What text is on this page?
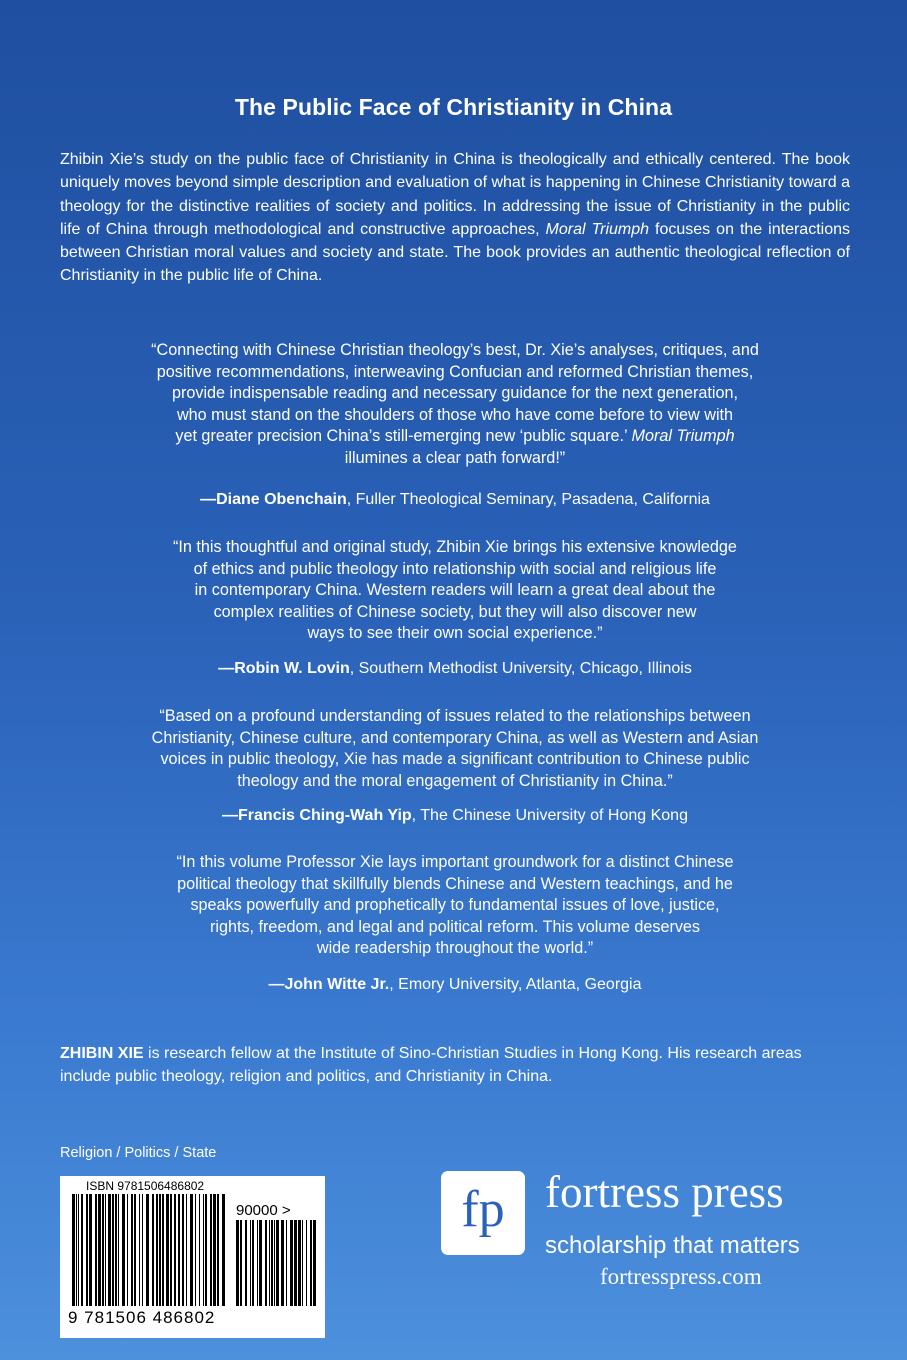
The Public Face of Christianity in China
Zhibin Xie’s study on the public face of Christianity in China is theologically and ethically centered. The book uniquely moves beyond simple description and evaluation of what is happening in Chinese Christianity toward a theology for the distinctive realities of society and politics. In addressing the issue of Christianity in the public life of China through methodological and constructive approaches, Moral Triumph focuses on the interactions between Christian moral values and society and state. The book provides an authentic theological reflection of Christianity in the public life of China.
“Connecting with Chinese Christian theology’s best, Dr. Xie’s analyses, critiques, and
positive recommendations, interweaving Confucian and reformed Christian themes,
provide indispensable reading and necessary guidance for the next generation,
who must stand on the shoulders of those who have come before to view with
yet greater precision China’s still-emerging new ‘public square.’ Moral Triumph
illumines a clear path forward!”
—Diane Obenchain, Fuller Theological Seminary, Pasadena, California
“In this thoughtful and original study, Zhibin Xie brings his extensive knowledge
of ethics and public theology into relationship with social and religious life
in contemporary China. Western readers will learn a great deal about the
complex realities of Chinese society, but they will also discover new
ways to see their own social experience.”
—Robin W. Lovin, Southern Methodist University, Chicago, Illinois
“Based on a profound understanding of issues related to the relationships between
Christianity, Chinese culture, and contemporary China, as well as Western and Asian
voices in public theology, Xie has made a significant contribution to Chinese public
theology and the moral engagement of Christianity in China.”
—Francis Ching-Wah Yip, The Chinese University of Hong Kong
“In this volume Professor Xie lays important groundwork for a distinct Chinese
political theology that skillfully blends Chinese and Western teachings, and he
speaks powerfully and prophetically to fundamental issues of love, justice,
rights, freedom, and legal and political reform. This volume deserves
wide readership throughout the world.”
—John Witte Jr., Emory University, Atlanta, Georgia
ZHIBIN XIE is research fellow at the Institute of Sino-Christian Studies in Hong Kong. His research areas include public theology, religion and politics, and Christianity in China.
Religion / Politics / State
ISBN 9781506486802
90000 >
9 781506 486802
fp fortress press
scholarship that matters
fortresspress.com
